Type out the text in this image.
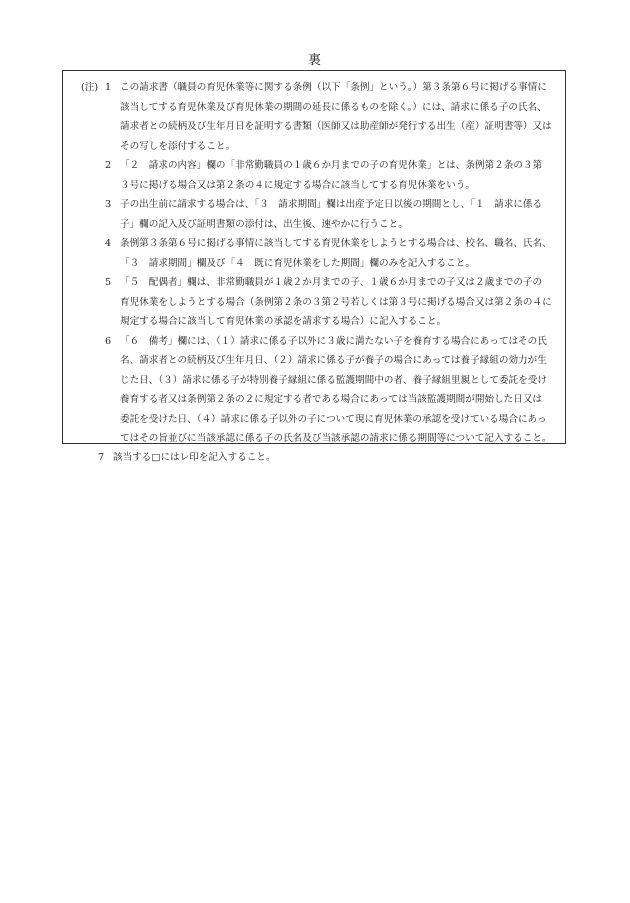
裏
(注) 1 この請求書（職員の育児休業等に関する条例（以下「条例」という。）第３条第６号に掲げる事情に
該当してする育児休業及び育児休業の期間の延長に係るものを除く。）には、請求に係る子の氏名、
請求者との続柄及び生年月日を証明する書類（医師又は助産師が発行する出生（産）証明書等）又は
その写しを添付すること。
2 「２　請求の内容」欄の「非常勤職員の１歳６か月までの子の育児休業」とは、条例第２条の３第
３号に掲げる場合又は第２条の４に規定する場合に該当してする育児休業をいう。
3 子の出生前に請求する場合は、「３　請求期間」欄は出産予定日以後の期間とし、「１　請求に係る
子」欄の記入及び証明書類の添付は、出生後、速やかに行うこと。
4 条例第３条第６号に掲げる事情に該当してする育児休業をしようとする場合は、校名、職名、氏名、
「３　請求期間」欄及び「４　既に育児休業をした期間」欄のみを記入すること。
5 「５　配偶者」欄は、非常勤職員が１歳２か月までの子、１歳６か月までの子又は２歳までの子の
育児休業をしようとする場合（条例第２条の３第２号若しくは第３号に掲げる場合又は第２条の４に
規定する場合に該当して育児休業の承認を請求する場合）に記入すること。
6 「６　備考」欄には、（１）請求に係る子以外に３歳に満たない子を養育する場合にあってはその氏
名、請求者との続柄及び生年月日、（２）請求に係る子が養子の場合にあっては養子縁組の効力が生
じた日、（３）請求に係る子が特別養子縁組に係る監護期間中の者、養子縁組里親として委託を受け
養育する者又は条例第２条の２に規定する者である場合にあっては当該監護期間が開始した日又は
委託を受けた日、（４）請求に係る子以外の子について現に育児休業の承認を受けている場合にあっ
てはその旨並びに当該承認に係る子の氏名及び当該承認の請求に係る期間等について記入すること。
7 該当する□にはレ印を記入すること。
